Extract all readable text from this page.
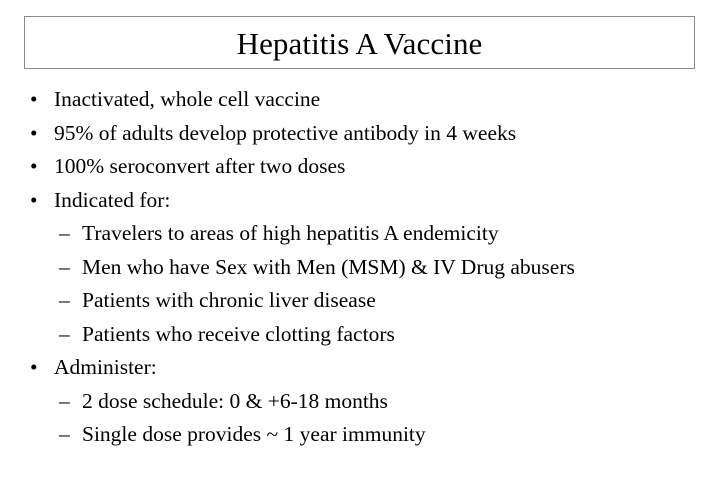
Hepatitis A Vaccine
• Inactivated, whole cell vaccine
• 95% of adults develop protective antibody in 4 weeks
• 100% seroconvert after two doses
• Indicated for:
– Travelers to areas of high hepatitis A endemicity
– Men who have Sex with Men (MSM) & IV Drug abusers
– Patients with chronic liver disease
– Patients who receive clotting factors
• Administer:
– 2 dose schedule: 0 & +6-18 months
– Single dose provides ~ 1 year immunity
